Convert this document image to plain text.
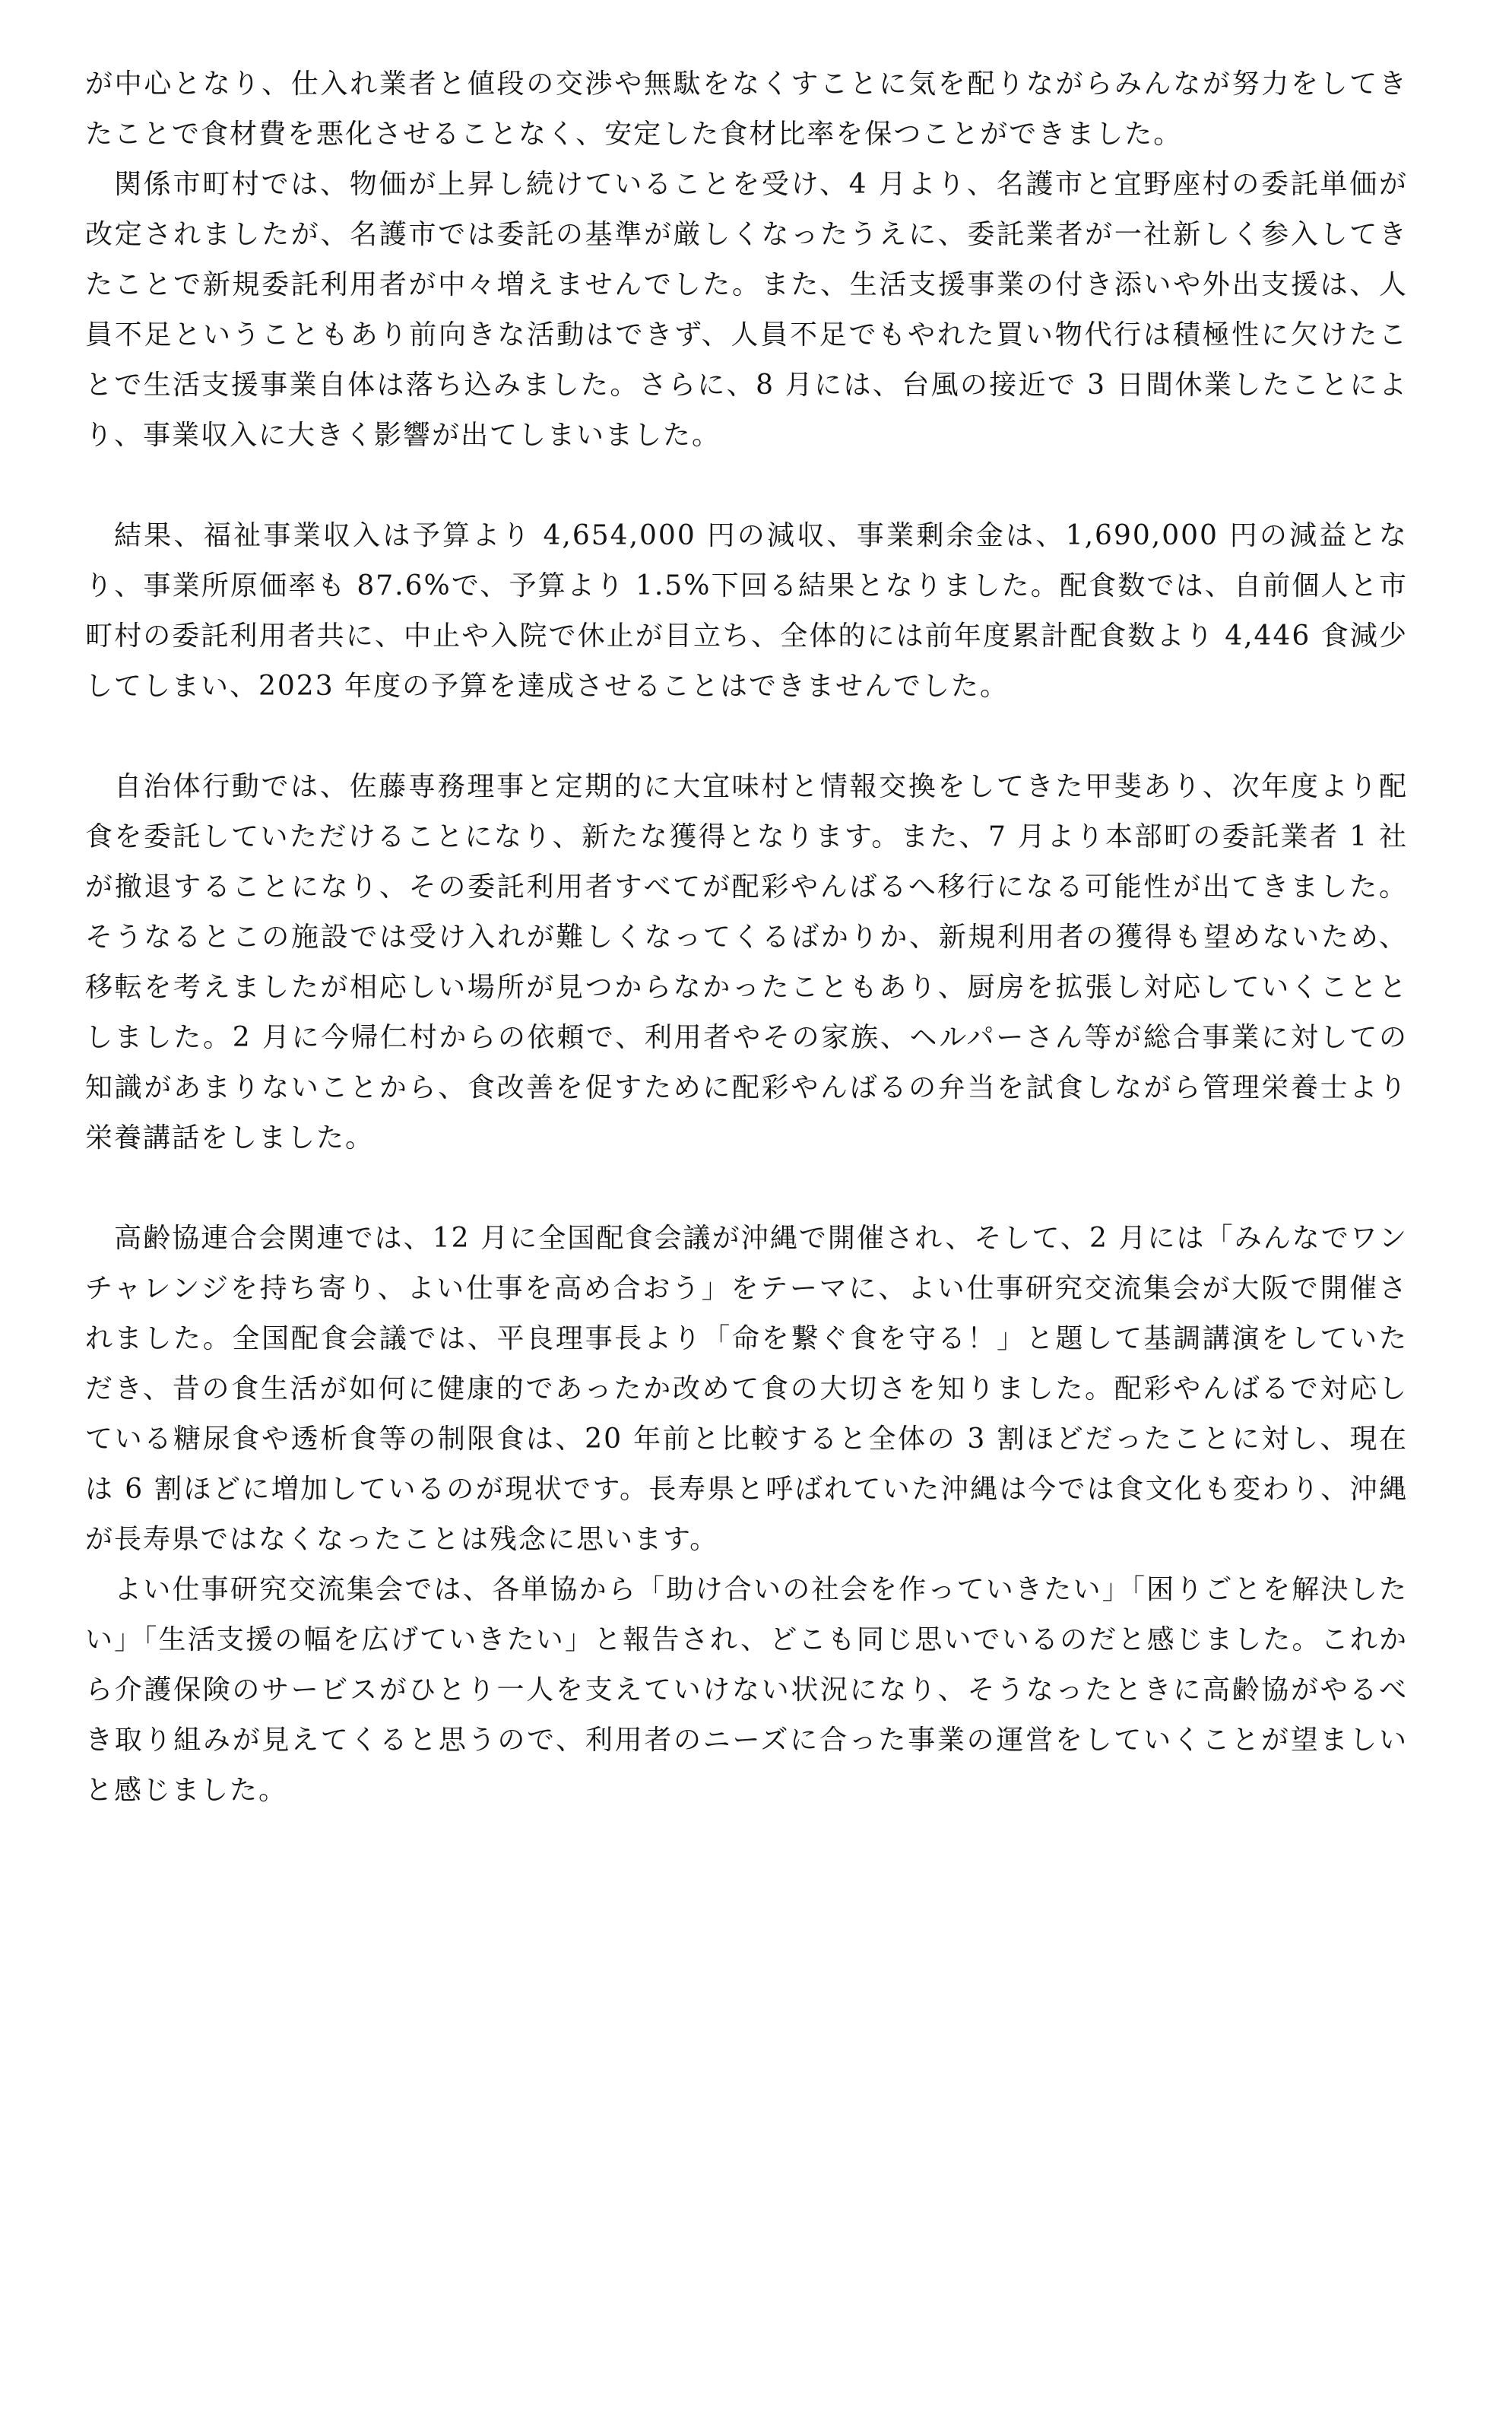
が中心となり、仕入れ業者と値段の交渉や無駄をなくすことに気を配りながらみんなが努力をしてきたことで食材費を悪化させることなく、安定した食材比率を保つことができました。

関係市町村では、物価が上昇し続けていることを受け、4 月より、名護市と宜野座村の委託単価が改定されましたが、名護市では委託の基準が厳しくなったうえに、委託業者が一社新しく参入してきたことで新規委託利用者が中々増えませんでした。また、生活支援事業の付き添いや外出支援は、人員不足ということもあり前向きな活動はできず、人員不足でもやれた買い物代行は積極性に欠けたことで生活支援事業自体は落ち込みました。さらに、8 月には、台風の接近で 3 日間休業したことにより、事業収入に大きく影響が出てしまいました。

結果、福祉事業収入は予算より 4,654,000 円の減収、事業剰余金は、1,690,000 円の減益となり、事業所原価率も 87.6%で、予算より 1.5%下回る結果となりました。配食数では、自前個人と市町村の委託利用者共に、中止や入院で休止が目立ち、全体的には前年度累計配食数より 4,446 食減少してしまい、2023 年度の予算を達成させることはできませんでした。

自治体行動では、佐藤専務理事と定期的に大宜味村と情報交換をしてきた甲斐あり、次年度より配食を委託していただけることになり、新たな獲得となります。また、7 月より本部町の委託業者 1 社が撤退することになり、その委託利用者すべてが配彩やんばるへ移行になる可能性が出てきました。そうなるとこの施設では受け入れが難しくなってくるばかりか、新規利用者の獲得も望めないため、移転を考えましたが相応しい場所が見つからなかったこともあり、厨房を拡張し対応していくこととしました。2 月に今帰仁村からの依頼で、利用者やその家族、ヘルパーさん等が総合事業に対しての知識があまりないことから、食改善を促すために配彩やんばるの弁当を試食しながら管理栄養士より栄養講話をしました。

高齢協連合会関連では、12 月に全国配食会議が沖縄で開催され、そして、2 月には「みんなでワンチャレンジを持ち寄り、よい仕事を高め合おう」をテーマに、よい仕事研究交流集会が大阪で開催されました。全国配食会議では、平良理事長より「命を繋ぐ食を守る！」と題して基調講演をしていただき、昔の食生活が如何に健康的であったか改めて食の大切さを知りました。配彩やんばるで対応している糖尿食や透析食等の制限食は、20 年前と比較すると全体の 3 割ほどだったことに対し、現在は 6 割ほどに増加しているのが現状です。長寿県と呼ばれていた沖縄は今では食文化も変わり、沖縄が長寿県ではなくなったことは残念に思います。

よい仕事研究交流集会では、各単協から「助け合いの社会を作っていきたい」「困りごとを解決したい」「生活支援の幅を広げていきたい」と報告され、どこも同じ思いでいるのだと感じました。これから介護保険のサービスがひとり一人を支えていけない状況になり、そうなったときに高齢協がやるべき取り組みが見えてくると思うので、利用者のニーズに合った事業の運営をしていくことが望ましいと感じました。
